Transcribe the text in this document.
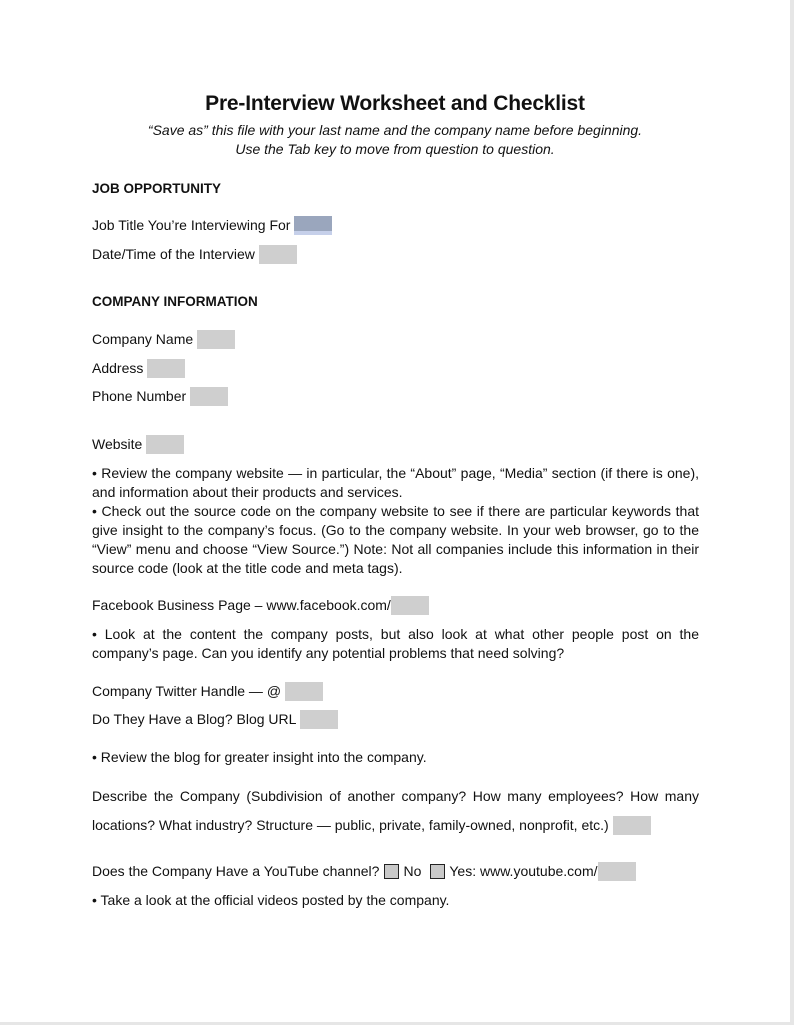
Pre-Interview Worksheet and Checklist
“Save as” this file with your last name and the company name before beginning.
Use the Tab key to move from question to question.
JOB OPPORTUNITY
Job Title You’re Interviewing For
Date/Time of the Interview
COMPANY INFORMATION
Company Name
Address
Phone Number
Website

• Review the company website — in particular, the “About” page, “Media” section (if there is one), and information about their products and services.

• Check out the source code on the company website to see if there are particular keywords that give insight to the company’s focus. (Go to the company website. In your web browser, go to the “View” menu and choose “View Source.”) Note: Not all companies include this information in their source code (look at the title code and meta tags).

Facebook Business Page – www.facebook.com/

• Look at the content the company posts, but also look at what other people post on the company’s page. Can you identify any potential problems that need solving?

Company Twitter Handle — @
Do They Have a Blog? Blog URL
• Review the blog for greater insight into the company.

Describe the Company (Subdivision of another company? How many employees? How many

locations? What industry? Structure — public, private, family-owned, nonprofit, etc.)
Does the Company Have a YouTube channel? No Yes: www.youtube.com/
• Take a look at the official videos posted by the company.
